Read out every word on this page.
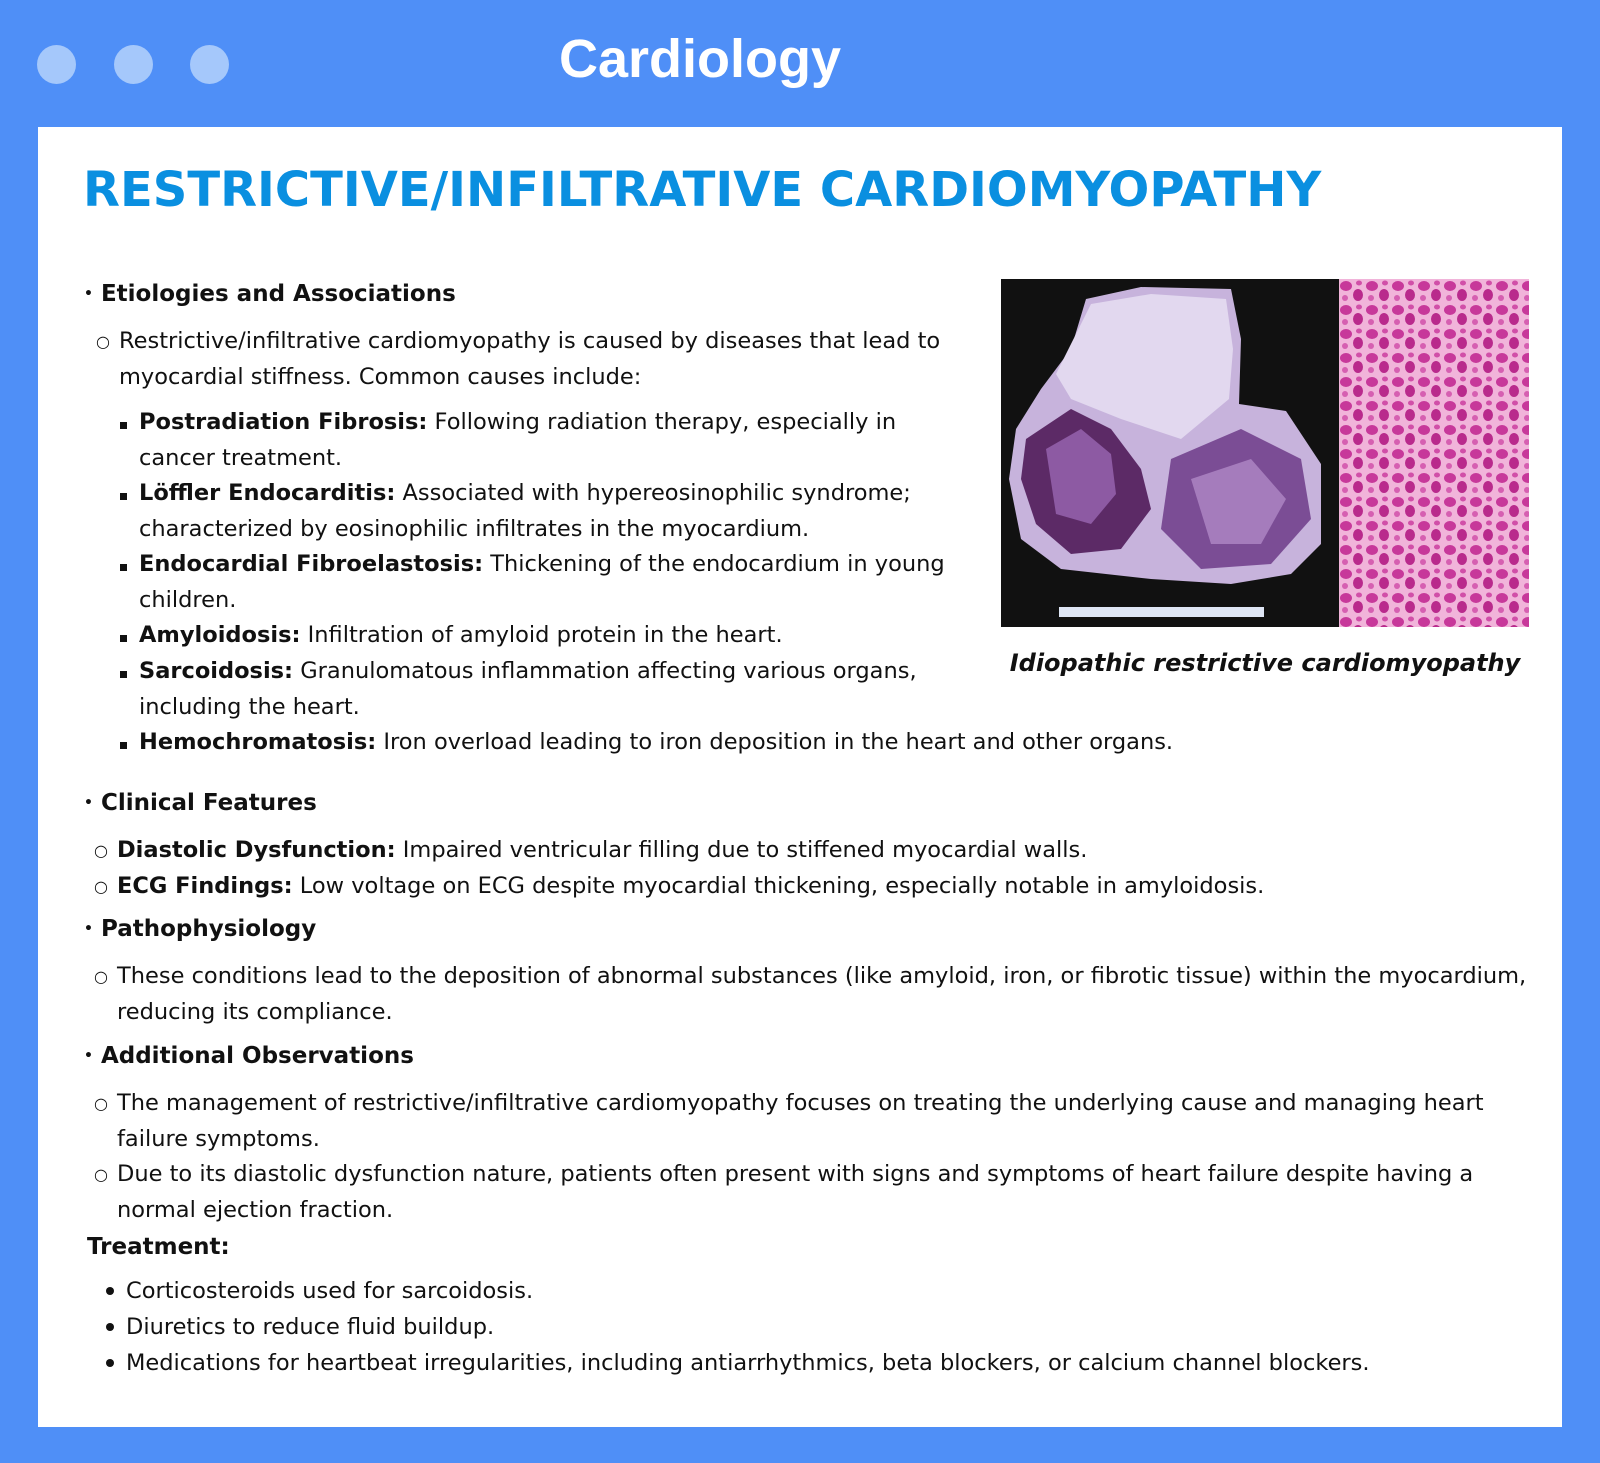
Cardiology
RESTRICTIVE/INFILTRATIVE CARDIOMYOPATHY
Idiopathic restrictive cardiomyopathy
• Etiologies and Associations
○ Restrictive/infiltrative cardiomyopathy is caused by diseases that lead to
myocardial stiffness. Common causes include:
Postradiation Fibrosis: Following radiation therapy, especially in
cancer treatment.
Löffler Endocarditis: Associated with hypereosinophilic syndrome;
characterized by eosinophilic infiltrates in the myocardium.
Endocardial Fibroelastosis: Thickening of the endocardium in young
children.
Amyloidosis: Infiltration of amyloid protein in the heart.
Sarcoidosis: Granulomatous inflammation affecting various organs,
including the heart.
Hemochromatosis: Iron overload leading to iron deposition in the heart and other organs.
• Clinical Features
○ Diastolic Dysfunction: Impaired ventricular filling due to stiffened myocardial walls.
○ ECG Findings: Low voltage on ECG despite myocardial thickening, especially notable in amyloidosis.
• Pathophysiology
○ These conditions lead to the deposition of abnormal substances (like amyloid, iron, or fibrotic tissue) within the myocardium,
reducing its compliance.
• Additional Observations
○ The management of restrictive/infiltrative cardiomyopathy focuses on treating the underlying cause and managing heart
failure symptoms.
○ Due to its diastolic dysfunction nature, patients often present with signs and symptoms of heart failure despite having a
normal ejection fraction.
Treatment:
Corticosteroids used for sarcoidosis.
Diuretics to reduce fluid buildup.
Medications for heartbeat irregularities, including antiarrhythmics, beta blockers, or calcium channel blockers.
